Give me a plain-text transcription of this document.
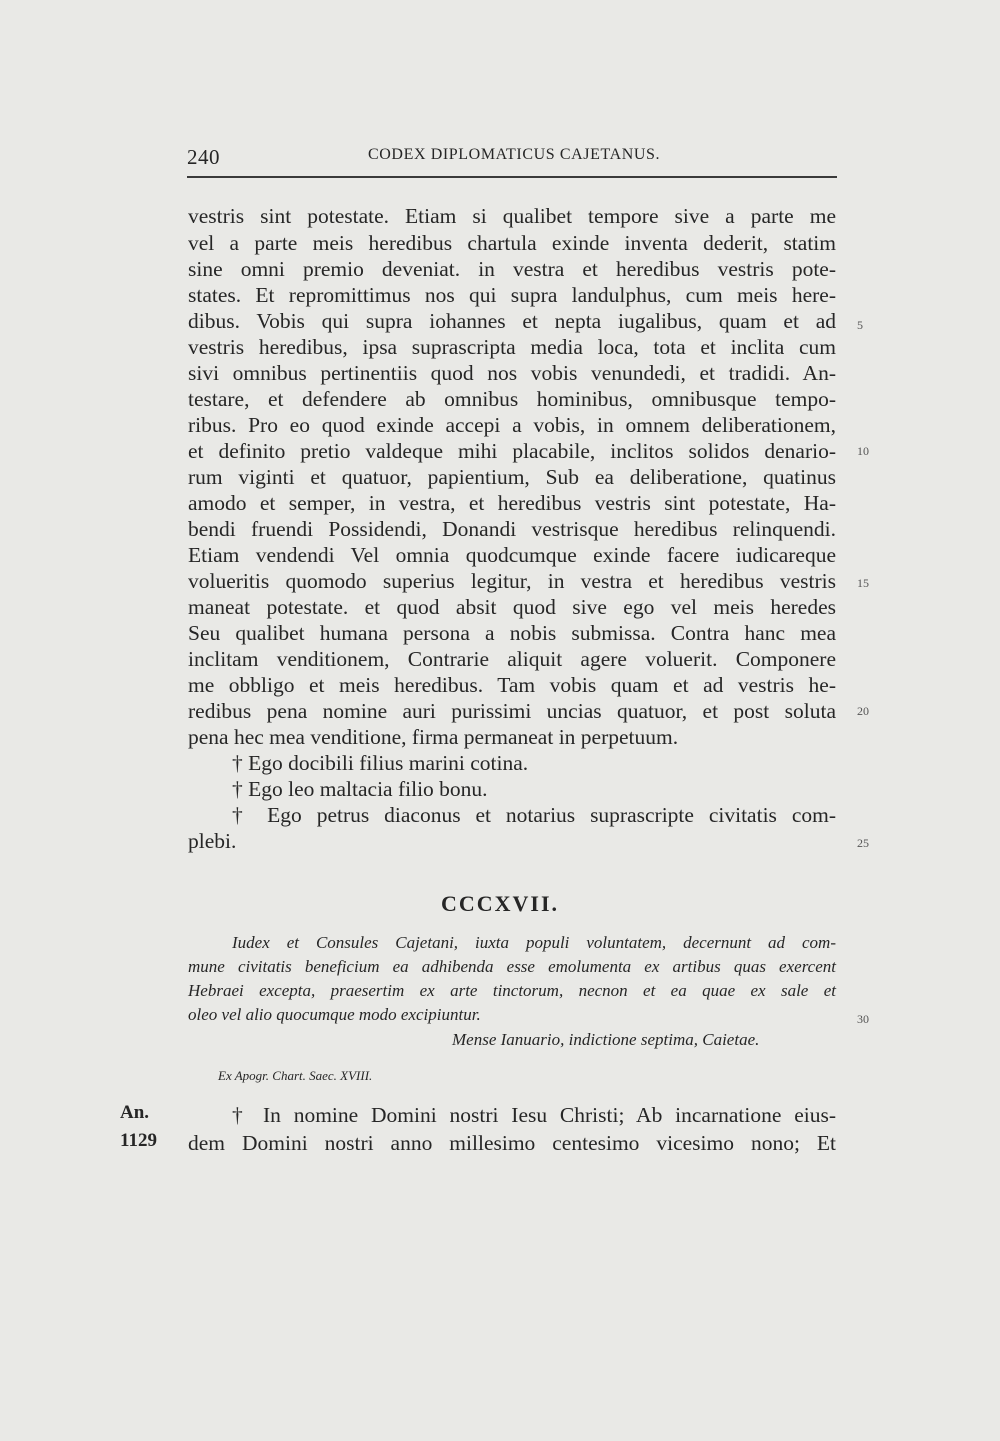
240	CODEX DIPLOMATICUS CAJETANUS.
vestris sint potestate. Etiam si qualibet tempore sive a parte me
vel a parte meis heredibus chartula exinde inventa dederit, statim
sine omni premio deveniat. in vestra et heredibus vestris pote-
states. Et repromittimus nos qui supra landulphus, cum meis here-
dibus. Vobis qui supra iohannes et nepta iugalibus, quam et ad
vestris heredibus, ipsa suprascripta media loca, tota et inclita cum
sivi omnibus pertinentiis quod nos vobis venundedi, et tradidi. An-
testare, et defendere ab omnibus hominibus, omnibusque tempo-
ribus. Pro eo quod exinde accepi a vobis, in omnem deliberationem,
et definito pretio valdeque mihi placabile, inclitos solidos denario-
rum viginti et quatuor, papientium, Sub ea deliberatione, quatinus
amodo et semper, in vestra, et heredibus vestris sint potestate, Ha-
bendi fruendi Possidendi, Donandi vestrisque heredibus relinquendi.
Etiam vendendi Vel omnia quodcumque exinde facere iudicareque
volueritis quomodo superius legitur, in vestra et heredibus vestris
maneat potestate. et quod absit quod sive ego vel meis heredes
Seu qualibet humana persona a nobis submissa. Contra hanc mea
inclitam venditionem, Contrarie aliquit agere voluerit. Componere
me obbligo et meis heredibus. Tam vobis quam et ad vestris he-
redibus pena nomine auri purissimi uncias quatuor, et post soluta
pena hec mea venditione, firma permaneat in perpetuum.
† Ego docibili filius marini cotina.
† Ego leo maltacia filio bonu.
† Ego petrus diaconus et notarius suprascripte civitatis com-
plebi.
5
10
15
20
25
30
CCCXVII.
Iudex et Consules Cajetani, iuxta populi voluntatem, decernunt ad com-
mune civitatis beneficium ea adhibenda esse emolumenta ex artibus quas exercent
Hebraei excepta, praesertim ex arte tinctorum, necnon et ea quae ex sale et
oleo vel alio quocumque modo excipiuntur.
Mense Ianuario, indictione septima, Caietae.
Ex Apogr. Chart. Saec. XVIII.
An.
1129
† In nomine Domini nostri Iesu Christi; Ab incarnatione eius-
dem Domini nostri anno millesimo centesimo vicesimo nono; Et
